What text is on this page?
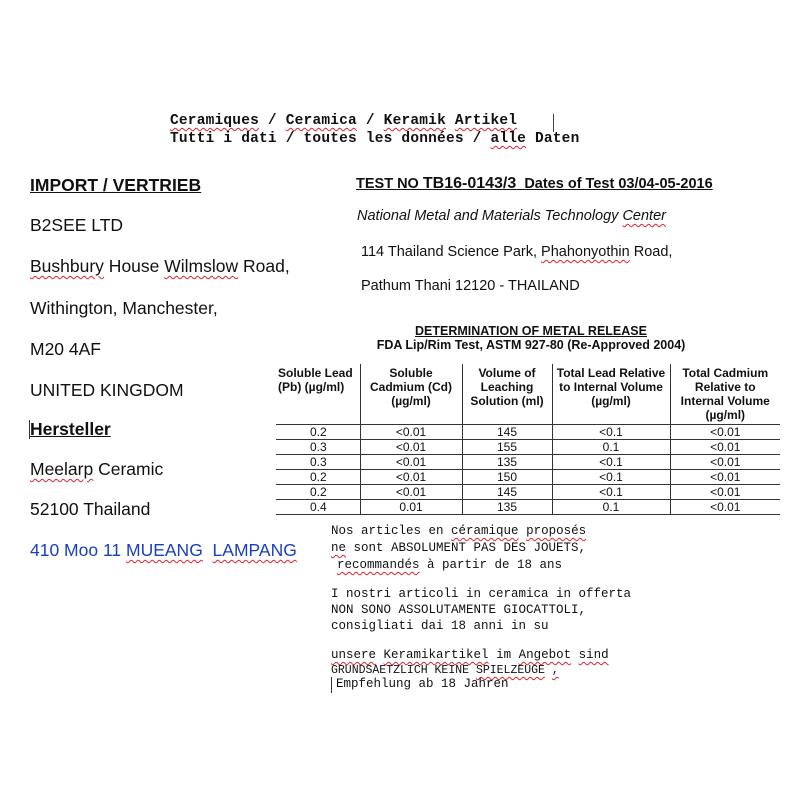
Ceramiques / Ceramica / Keramik Artikel
Tutti i dati / toutes les données / alle Daten
IMPORT / VERTRIEB
B2SEE LTD
Bushbury House Wilmslow Road,
Withington, Manchester,
M20 4AF
UNITED KINGDOM
Hersteller
Meelarp Ceramic
52100 Thailand
410 Moo 11 MUEANG LAMPANG
TEST NO TB16-0143/3  Dates of Test 03/04-05-2016
National Metal and Materials Technology Center
114 Thailand Science Park, Phahonyothin Road,
Pathum Thani 12120 - THAILAND
DETERMINATION OF METAL RELEASE
FDA Lip/Rim Test, ASTM 927-80 (Re-Approved 2004)
Soluble Lead (Pb) (µg/ml)	Soluble Cadmium (Cd) (µg/ml)	Volume of Leaching Solution (ml)	Total Lead Relative to Internal Volume (µg/ml)	Total Cadmium Relative to Internal Volume (µg/ml)
0.2	<0.01	145	<0.1	<0.01
0.3	<0.01	155	0.1	<0.01
0.3	<0.01	135	<0.1	<0.01
0.2	<0.01	150	<0.1	<0.01
0.2	<0.01	145	<0.1	<0.01
0.4	0.01	135	0.1	<0.01
Nos articles en céramique proposés
ne sont ABSOLUMENT PAS DES JOUETS,
recommandés à partir de 18 ans
I nostri articoli in ceramica in offerta
NON SONO ASSOLUTAMENTE GIOCATTOLI,
consigliati dai 18 anni in su
unsere Keramikartikel im Angebot sind
GRUNDSAETZLICH KEINE SPIELZEUGE ,
Empfehlung ab 18 Jahren
